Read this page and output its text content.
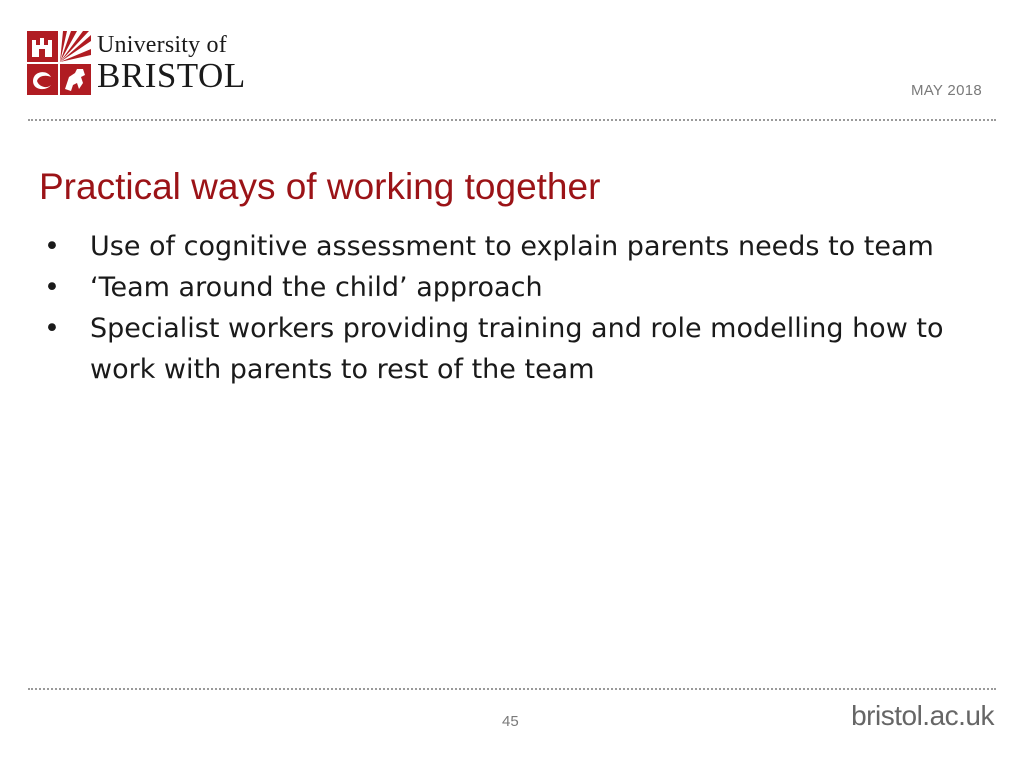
University of
BRISTOL	MAY 2018
Practical ways of working together
• Use of cognitive assessment to explain parents needs to team
• ‘Team around the child’ approach
• Specialist workers providing training and role modelling how to work with parents to rest of the team
45	bristol.ac.uk
